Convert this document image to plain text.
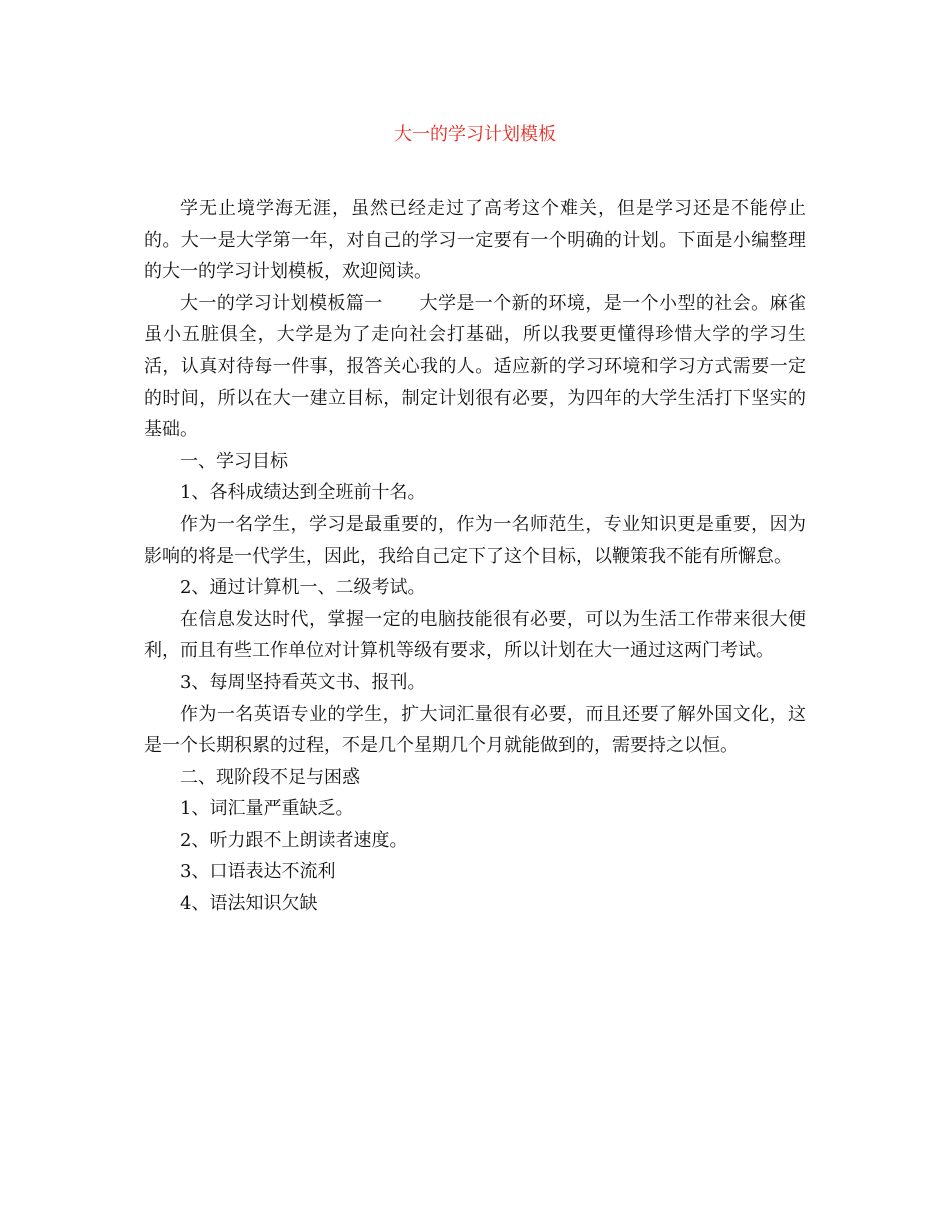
大一的学习计划模板

学无止境学海无涯，虽然已经走过了高考这个难关，但是学习还是不能停止的。大一是大学第一年，对自己的学习一定要有一个明确的计划。下面是小编整理的大一的学习计划模板，欢迎阅读。

大一的学习计划模板篇一　　大学是一个新的环境，是一个小型的社会。麻雀虽小五脏俱全，大学是为了走向社会打基础，所以我要更懂得珍惜大学的学习生活，认真对待每一件事，报答关心我的人。适应新的学习环境和学习方式需要一定的时间，所以在大一建立目标，制定计划很有必要，为四年的大学生活打下坚实的基础。

一、学习目标

1、各科成绩达到全班前十名。

作为一名学生，学习是最重要的，作为一名师范生，专业知识更是重要，因为影响的将是一代学生，因此，我给自己定下了这个目标，以鞭策我不能有所懈怠。

2、通过计算机一、二级考试。

在信息发达时代，掌握一定的电脑技能很有必要，可以为生活工作带来很大便利，而且有些工作单位对计算机等级有要求，所以计划在大一通过这两门考试。

3、每周坚持看英文书、报刊。

作为一名英语专业的学生，扩大词汇量很有必要，而且还要了解外国文化，这是一个长期积累的过程，不是几个星期几个月就能做到的，需要持之以恒。

二、现阶段不足与困惑

1、词汇量严重缺乏。

2、听力跟不上朗读者速度。

3、口语表达不流利

4、语法知识欠缺
